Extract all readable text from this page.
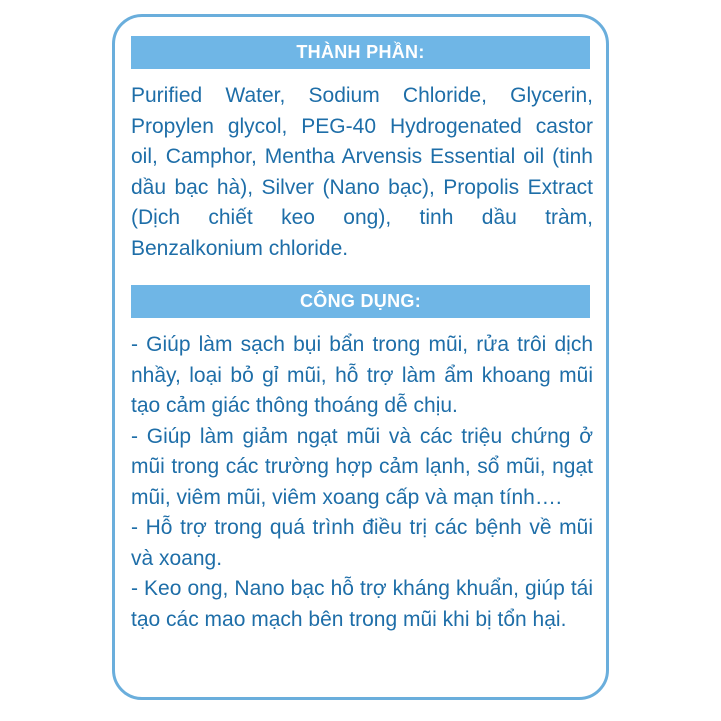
THÀNH PHẦN:

Purified Water, Sodium Chloride, Glycerin, Propylen glycol, PEG-40 Hydrogenated castor oil, Camphor, Mentha Arvensis Essential oil (tinh dầu bạc hà), Silver (Nano bạc), Propolis Extract (Dịch chiết keo ong), tinh dầu tràm, Benzalkonium chloride.

CÔNG DỤNG:
- Giúp làm sạch bụi bẩn trong mũi, rửa trôi dịch nhầy, loại bỏ gỉ mũi, hỗ trợ làm ẩm khoang mũi tạo cảm giác thông thoáng dễ chịu.
- Giúp làm giảm ngạt mũi và các triệu chứng ở mũi trong các trường hợp cảm lạnh, sổ mũi, ngạt mũi, viêm mũi, viêm xoang cấp và mạn tính….
- Hỗ trợ trong quá trình điều trị các bệnh về mũi và xoang.
- Keo ong, Nano bạc hỗ trợ kháng khuẩn, giúp tái tạo các mao mạch bên trong mũi khi bị tổn hại.
